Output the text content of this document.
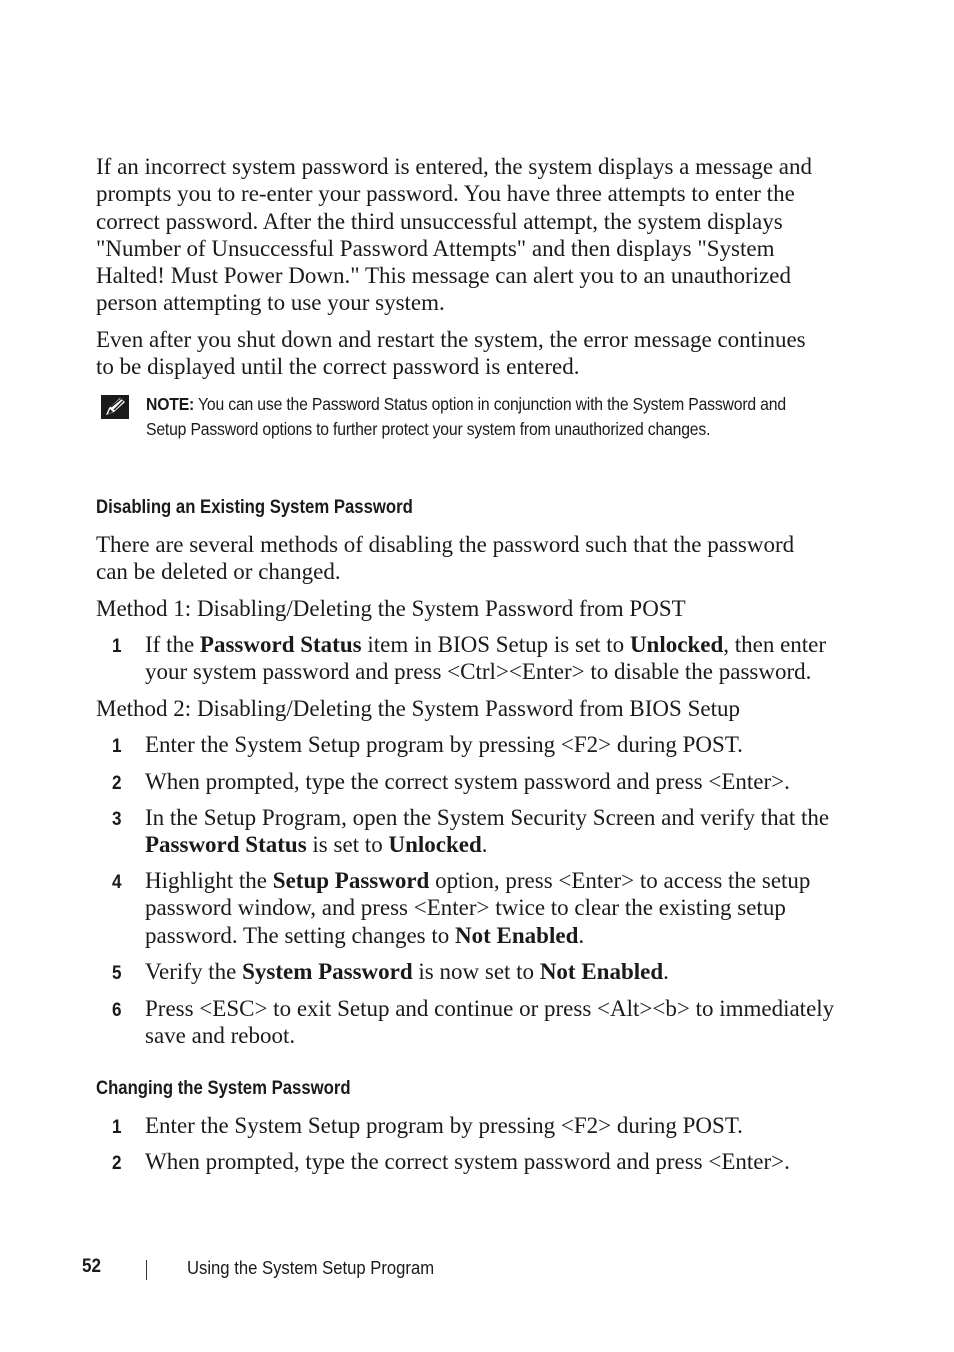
If an incorrect system password is entered, the system displays a message and prompts you to re-enter your password. You have three attempts to enter the correct password. After the third unsuccessful attempt, the system displays "Number of Unsuccessful Password Attempts" and then displays "System Halted! Must Power Down." This message can alert you to an unauthorized person attempting to use your system.

Even after you shut down and restart the system, the error message continues to be displayed until the correct password is entered.

NOTE: You can use the Password Status option in conjunction with the System Password and Setup Password options to further protect your system from unauthorized changes.
Disabling an Existing System Password

There are several methods of disabling the password such that the password can be deleted or changed.

Method 1: Disabling/Deleting the System Password from POST

1 If the Password Status item in BIOS Setup is set to Unlocked, then enter your system password and press <Ctrl><Enter> to disable the password.

Method 2: Disabling/Deleting the System Password from BIOS Setup

1 Enter the System Setup program by pressing <F2> during POST.
2 When prompted, type the correct system password and press <Enter>.
3 In the Setup Program, open the System Security Screen and verify that the Password Status is set to Unlocked.
4 Highlight the Setup Password option, press <Enter> to access the setup password window, and press <Enter> twice to clear the existing setup password. The setting changes to Not Enabled.
5 Verify the System Password is now set to Not Enabled.
6 Press <ESC> to exit Setup and continue or press <Alt><b> to immediately save and reboot.
Changing the System Password
1 Enter the System Setup program by pressing <F2> during POST.
2 When prompted, type the correct system password and press <Enter>.
52	Using the System Setup Program
